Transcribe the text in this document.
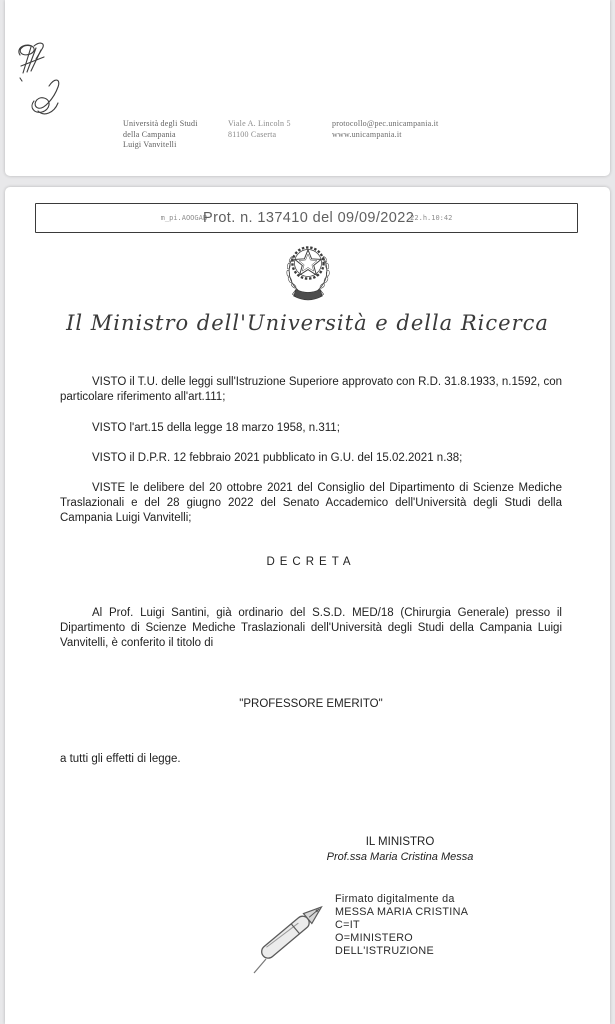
Università degli Studi
della Campania
Luigi Vanvitelli
Viale A. Lincoln 5
81100 Caserta
protocollo@pec.unicampania.it
www.unicampania.it
m_pi.AOOGAB
Prot. n. 137410 del 09/09/2022
22.h.10:42
Il Ministro dell'Università e della Ricerca
VISTO il T.U. delle leggi sull'Istruzione Superiore approvato con R.D. 31.8.1933, n.1592, con particolare riferimento all'art.111;
VISTO l'art.15 della legge 18 marzo 1958, n.311;
VISTO il D.P.R. 12 febbraio 2021 pubblicato in G.U. del 15.02.2021 n.38;
VISTE le delibere del 20 ottobre 2021 del Consiglio del Dipartimento di Scienze Mediche Traslazionali e del 28 giugno 2022 del Senato Accademico dell'Università degli Studi della Campania Luigi Vanvitelli;
DECRETA
Al Prof. Luigi Santini, già ordinario del S.S.D. MED/18 (Chirurgia Generale) presso il Dipartimento di Scienze Mediche Traslazionali dell'Università degli Studi della Campania Luigi Vanvitelli, è conferito il titolo di
"PROFESSORE EMERITO"
a tutti gli effetti di legge.
IL MINISTRO
Prof.ssa Maria Cristina Messa
Firmato digitalmente da
MESSA MARIA CRISTINA
C=IT
O=MINISTERO
DELL'ISTRUZIONE
